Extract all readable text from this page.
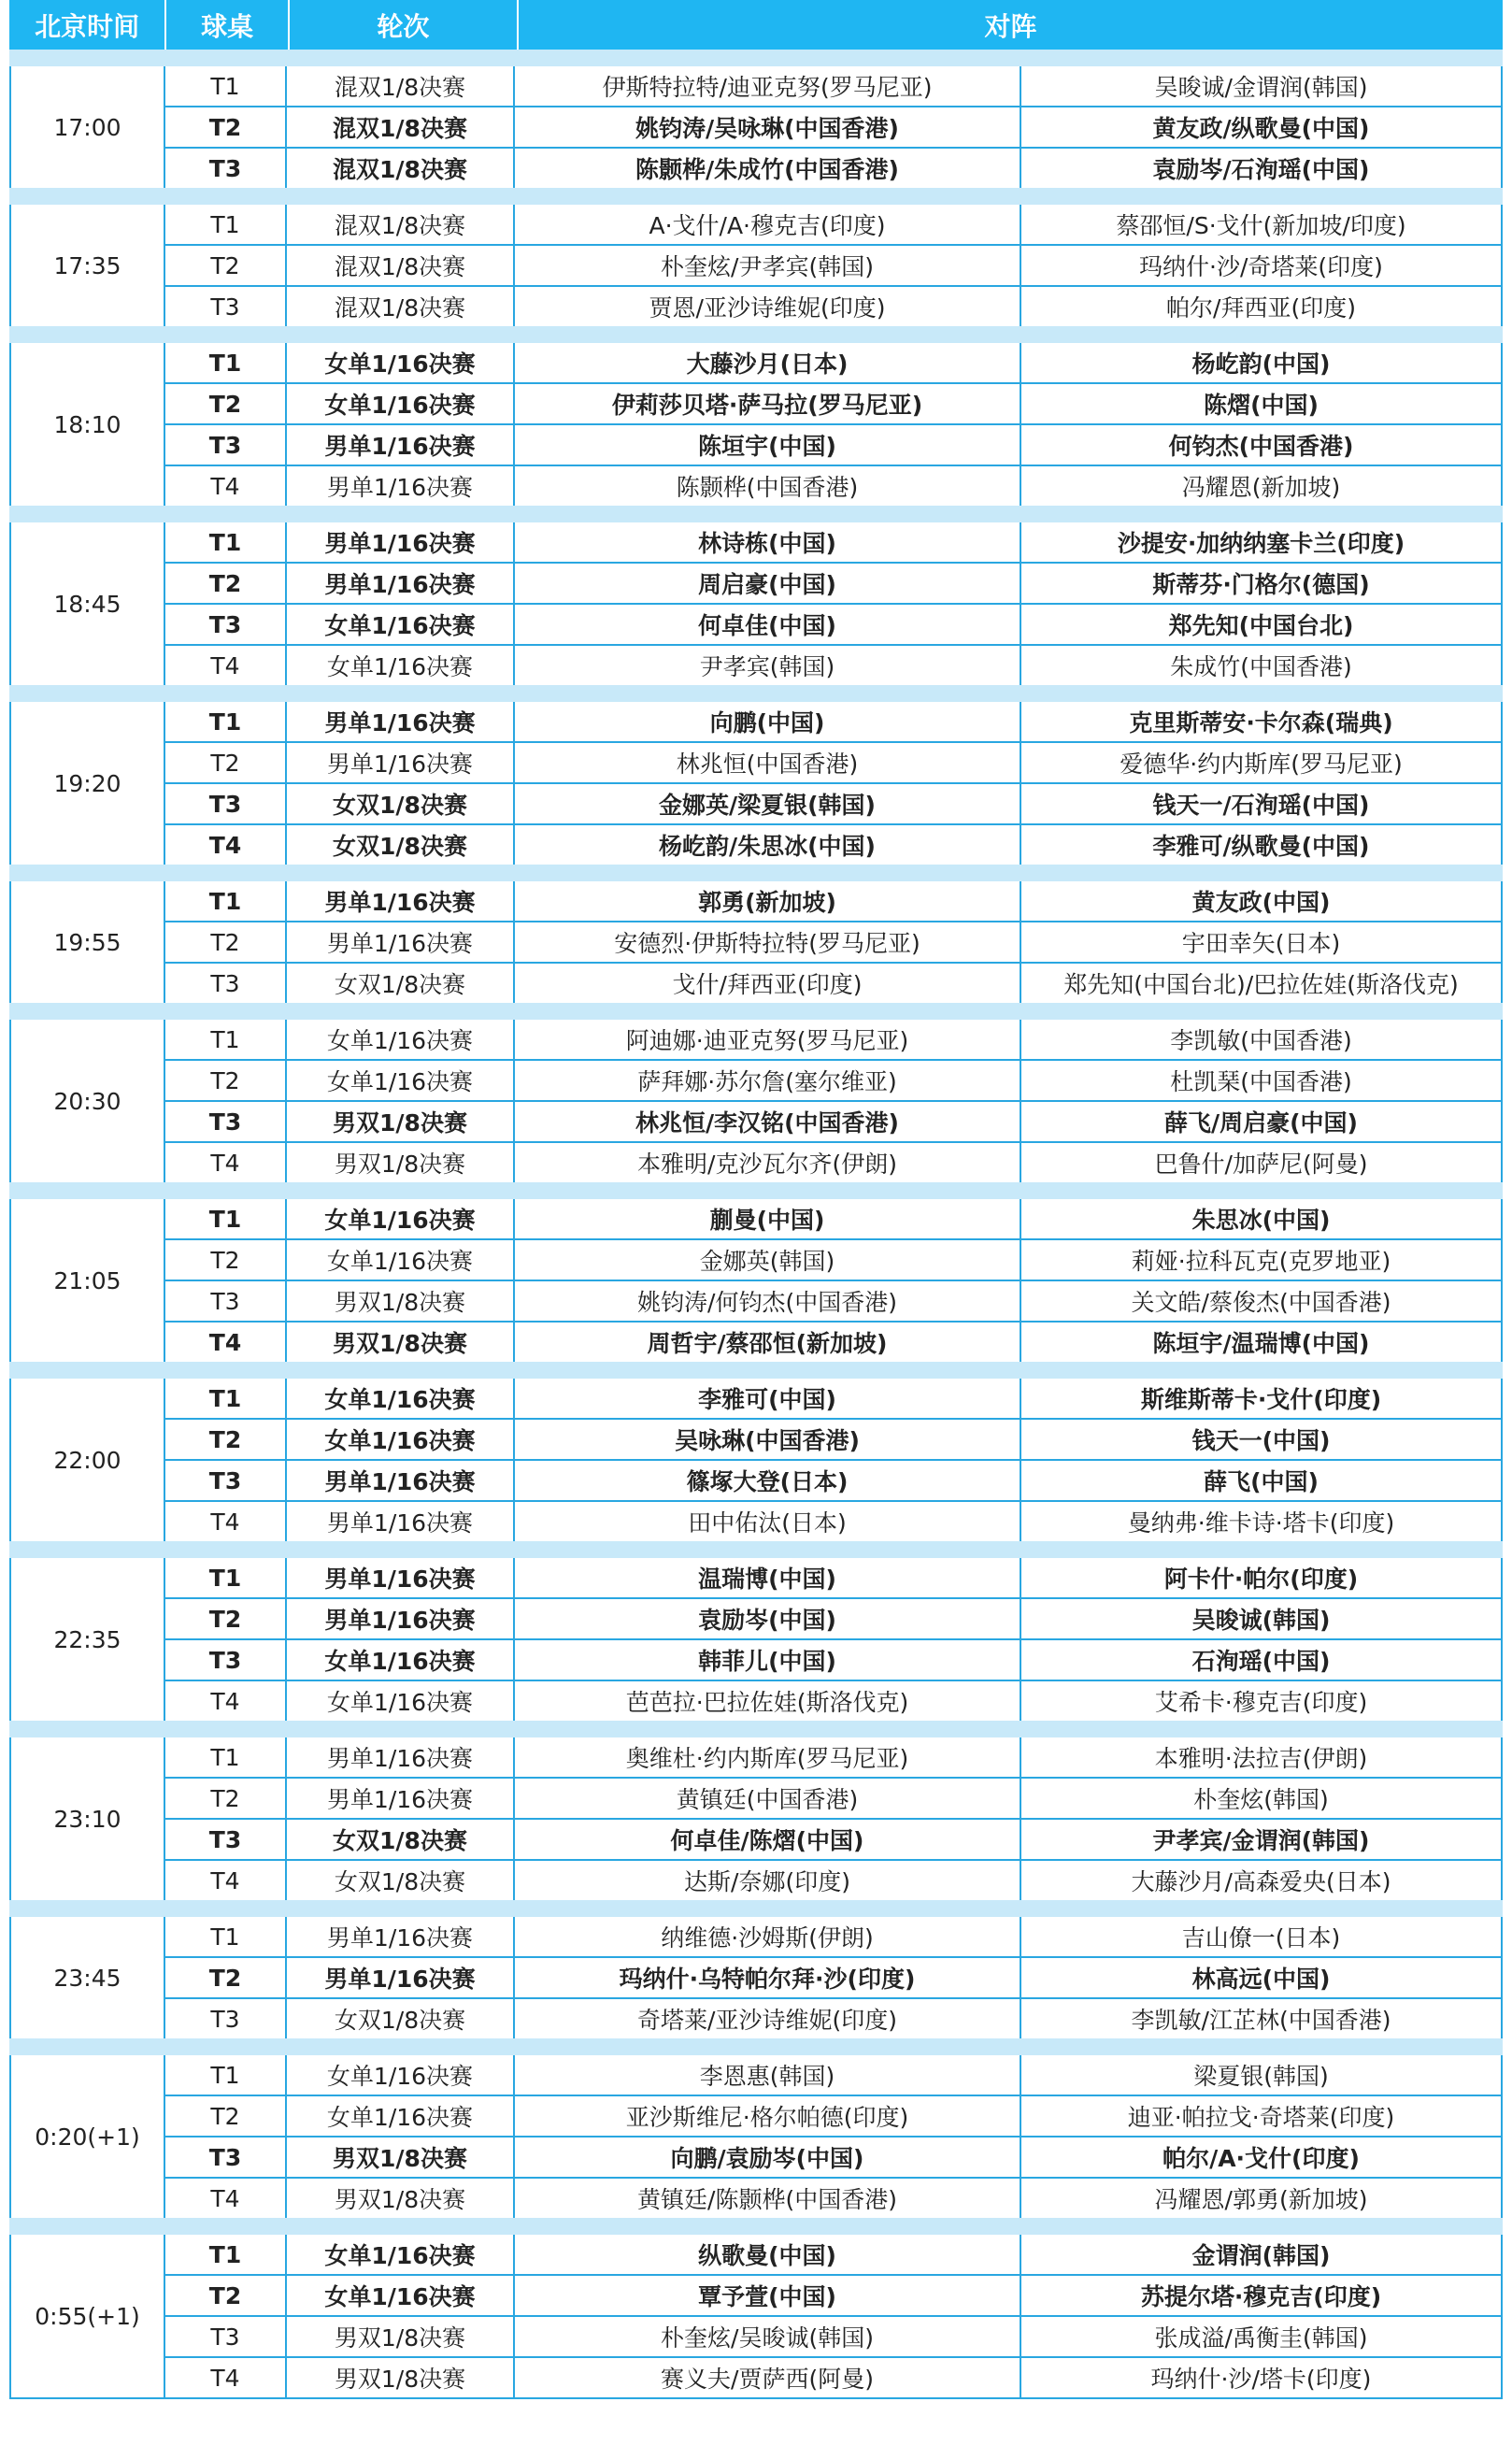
北京时间	球桌	轮次	对阵
17:00
T1	混双1/8决赛	伊斯特拉特/迪亚克努(罗马尼亚)	吴晙诚/金谓润(韩国)
T2	混双1/8决赛	姚钧涛/吴咏琳(中国香港)	黄友政/纵歌曼(中国)
T3	混双1/8决赛	陈颢桦/朱成竹(中国香港)	袁励岑/石洵瑶(中国)
17:35
T1	混双1/8决赛	A·戈什/A·穆克吉(印度)	蔡邵恒/S·戈什(新加坡/印度)
T2	混双1/8决赛	朴奎炫/尹孝宾(韩国)	玛纳什·沙/奇塔莱(印度)
T3	混双1/8决赛	贾恩/亚沙诗维妮(印度)	帕尔/拜西亚(印度)
18:10
T1	女单1/16决赛	大藤沙月(日本)	杨屹韵(中国)
T2	女单1/16决赛	伊莉莎贝塔·萨马拉(罗马尼亚)	陈熠(中国)
T3	男单1/16决赛	陈垣宇(中国)	何钧杰(中国香港)
T4	男单1/16决赛	陈颢桦(中国香港)	冯耀恩(新加坡)
18:45
T1	男单1/16决赛	林诗栋(中国)	沙提安·加纳纳塞卡兰(印度)
T2	男单1/16决赛	周启豪(中国)	斯蒂芬·门格尔(德国)
T3	女单1/16决赛	何卓佳(中国)	郑先知(中国台北)
T4	女单1/16决赛	尹孝宾(韩国)	朱成竹(中国香港)
19:20
T1	男单1/16决赛	向鹏(中国)	克里斯蒂安·卡尔森(瑞典)
T2	男单1/16决赛	林兆恒(中国香港)	爱德华·约内斯库(罗马尼亚)
T3	女双1/8决赛	金娜英/梁夏银(韩国)	钱天一/石洵瑶(中国)
T4	女双1/8决赛	杨屹韵/朱思冰(中国)	李雅可/纵歌曼(中国)
19:55
T1	男单1/16决赛	郭勇(新加坡)	黄友政(中国)
T2	男单1/16决赛	安德烈·伊斯特拉特(罗马尼亚)	宇田幸矢(日本)
T3	女双1/8决赛	戈什/拜西亚(印度)	郑先知(中国台北)/巴拉佐娃(斯洛伐克)
20:30
T1	女单1/16决赛	阿迪娜·迪亚克努(罗马尼亚)	李凯敏(中国香港)
T2	女单1/16决赛	萨拜娜·苏尔詹(塞尔维亚)	杜凯琹(中国香港)
T3	男双1/8决赛	林兆恒/李汉铭(中国香港)	薛飞/周启豪(中国)
T4	男双1/8决赛	本雅明/克沙瓦尔齐(伊朗)	巴鲁什/加萨尼(阿曼)
21:05
T1	女单1/16决赛	蒯曼(中国)	朱思冰(中国)
T2	女单1/16决赛	金娜英(韩国)	莉娅·拉科瓦克(克罗地亚)
T3	男双1/8决赛	姚钧涛/何钧杰(中国香港)	关文皓/蔡俊杰(中国香港)
T4	男双1/8决赛	周哲宇/蔡邵恒(新加坡)	陈垣宇/温瑞博(中国)
22:00
T1	女单1/16决赛	李雅可(中国)	斯维斯蒂卡·戈什(印度)
T2	女单1/16决赛	吴咏琳(中国香港)	钱天一(中国)
T3	男单1/16决赛	篠塚大登(日本)	薛飞(中国)
T4	男单1/16决赛	田中佑汰(日本)	曼纳弗·维卡诗·塔卡(印度)
22:35
T1	男单1/16决赛	温瑞博(中国)	阿卡什·帕尔(印度)
T2	男单1/16决赛	袁励岑(中国)	吴晙诚(韩国)
T3	女单1/16决赛	韩菲儿(中国)	石洵瑶(中国)
T4	女单1/16决赛	芭芭拉·巴拉佐娃(斯洛伐克)	艾希卡·穆克吉(印度)
23:10
T1	男单1/16决赛	奥维杜·约内斯库(罗马尼亚)	本雅明·法拉吉(伊朗)
T2	男单1/16决赛	黄镇廷(中国香港)	朴奎炫(韩国)
T3	女双1/8决赛	何卓佳/陈熠(中国)	尹孝宾/金谓润(韩国)
T4	女双1/8决赛	达斯/奈娜(印度)	大藤沙月/高森爱央(日本)
23:45
T1	男单1/16决赛	纳维德·沙姆斯(伊朗)	吉山僚一(日本)
T2	男单1/16决赛	玛纳什·乌特帕尔拜·沙(印度)	林高远(中国)
T3	女双1/8决赛	奇塔莱/亚沙诗维妮(印度)	李凯敏/江芷林(中国香港)
0:20(+1)
T1	女单1/16决赛	李恩惠(韩国)	梁夏银(韩国)
T2	女单1/16决赛	亚沙斯维尼·格尔帕德(印度)	迪亚·帕拉戈·奇塔莱(印度)
T3	男双1/8决赛	向鹏/袁励岑(中国)	帕尔/A·戈什(印度)
T4	男双1/8决赛	黄镇廷/陈颢桦(中国香港)	冯耀恩/郭勇(新加坡)
0:55(+1)
T1	女单1/16决赛	纵歌曼(中国)	金谓润(韩国)
T2	女单1/16决赛	覃予萱(中国)	苏提尔塔·穆克吉(印度)
T3	男双1/8决赛	朴奎炫/吴晙诚(韩国)	张成溢/禹衡圭(韩国)
T4	男双1/8决赛	赛义夫/贾萨西(阿曼)	玛纳什·沙/塔卡(印度)
